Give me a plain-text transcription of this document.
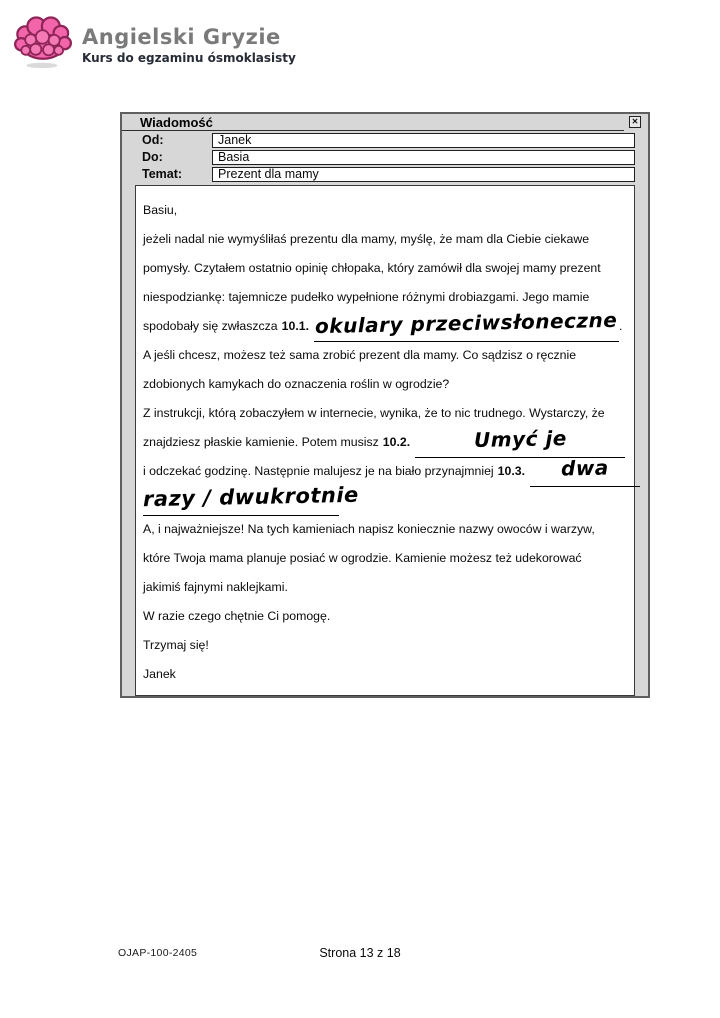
Angielski Gryzie
Kurs do egzaminu ósmoklasisty
Wiadomość	✕
Od:	Janek
Do:	Basia
Temat:	Prezent dla mamy
Basiu,
jeżeli nadal nie wymyśliłaś prezentu dla mamy, myślę, że mam dla Ciebie ciekawe
pomysły. Czytałem ostatnio opinię chłopaka, który zamówił dla swojej mamy prezent
niespodziankę: tajemnicze pudełko wypełnione różnymi drobiazgami. Jego mamie
spodobały się zwłaszcza 10.1. okulary przeciwsłoneczne.
A jeśli chcesz, możesz też sama zrobić prezent dla mamy. Co sądzisz o ręcznie
zdobionych kamykach do oznaczenia roślin w ogrodzie?
Z instrukcji, którą zobaczyłem w internecie, wynika, że to nic trudnego. Wystarczy, że
znajdziesz płaskie kamienie. Potem musisz 10.2.	Umyć je
i odczekać godzinę. Następnie malujesz je na biało przynajmniej 10.3. dwa
razy / dwukrotnie
A, i najważniejsze! Na tych kamieniach napisz koniecznie nazwy owoców i warzyw,
które Twoja mama planuje posiać w ogrodzie. Kamienie możesz też udekorować
jakimiś fajnymi naklejkami.
W razie czego chętnie Ci pomogę.
Trzymaj się!
Janek
OJAP-100-2405	Strona 13 z 18
